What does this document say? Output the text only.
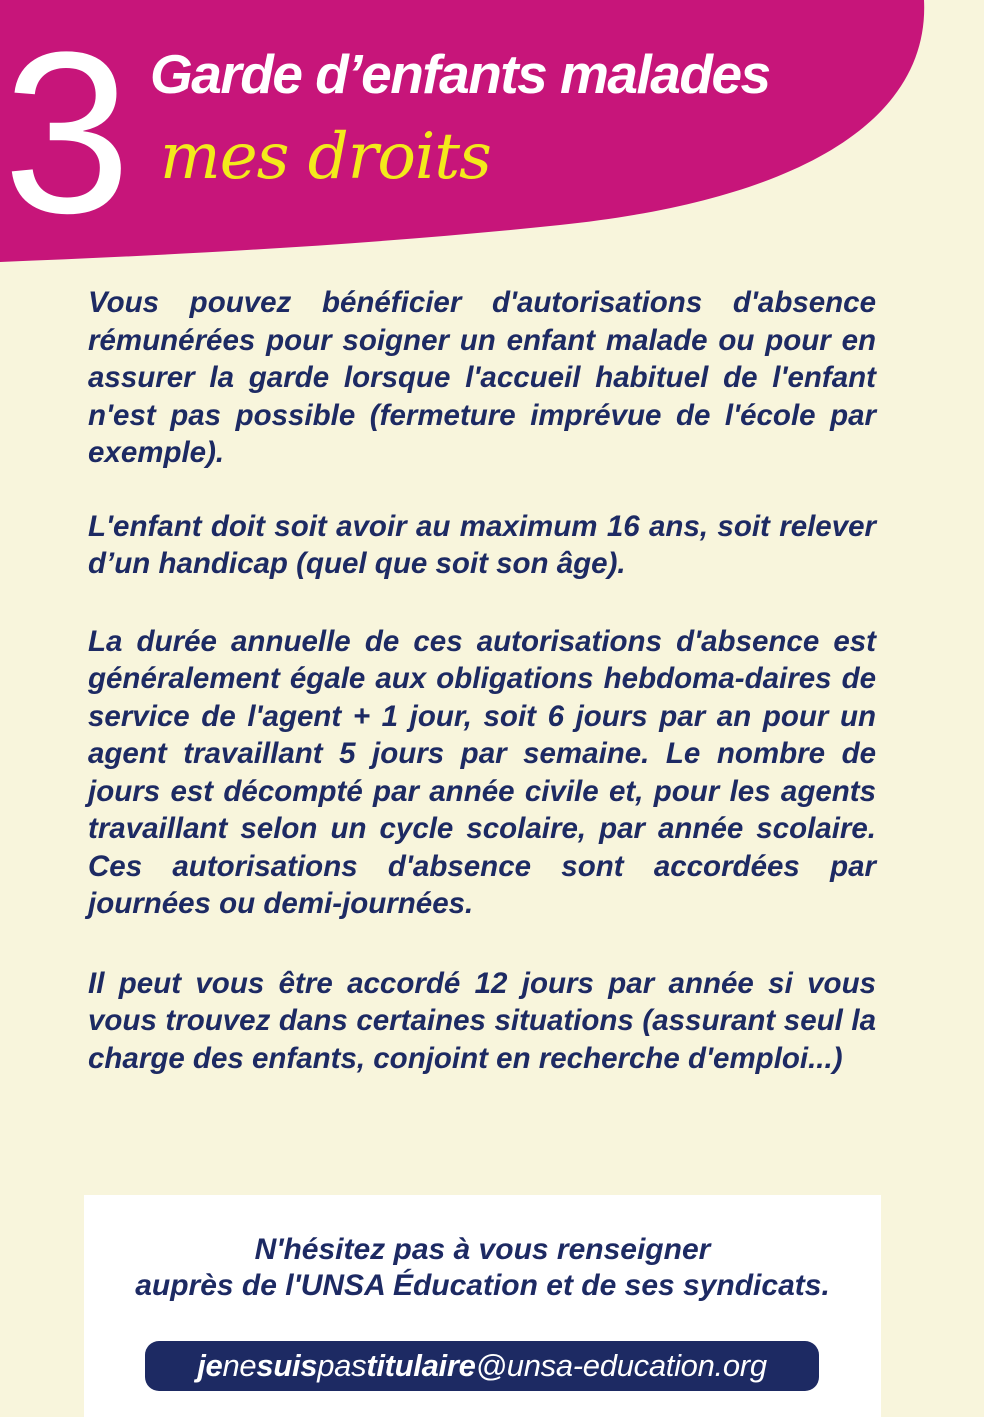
3 Garde d’enfants malades
mes droits

Vous pouvez bénéficier d'autorisations d'absence rémunérées pour soigner un enfant malade ou pour en assurer la garde lorsque l'accueil habituel de l'enfant n'est pas possible (fermeture imprévue de l'école par exemple).

L'enfant doit soit avoir au maximum 16 ans, soit relever d’un handicap (quel que soit son âge).

La durée annuelle de ces autorisations d'absence est généralement égale aux obligations hebdoma-daires de service de l'agent + 1 jour, soit 6 jours par an pour un agent travaillant 5 jours par semaine. Le nombre de jours est décompté par année civile et, pour les agents travaillant selon un cycle scolaire, par année scolaire. Ces autorisations d'absence sont accordées par journées ou demi-journées.

Il peut vous être accordé 12 jours par année si vous vous trouvez dans certaines situations (assurant seul la charge des enfants, conjoint en recherche d'emploi...)

N'hésitez pas à vous renseigner
auprès de l'UNSA Éducation et de ses syndicats.
jenesuispastitulaire@unsa-education.org
